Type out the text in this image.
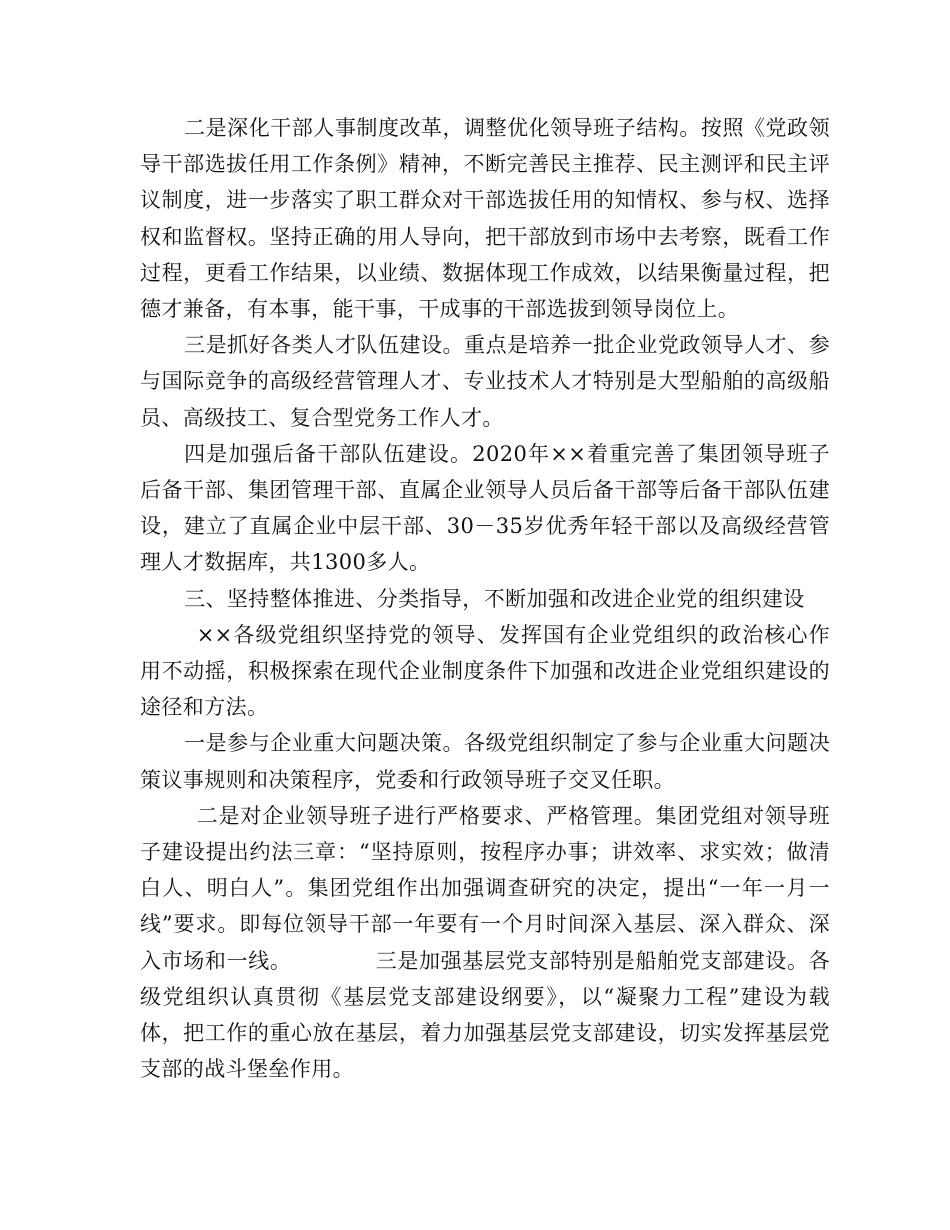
二是深化干部人事制度改革，调整优化领导班子结构。按照《党政领导干部选拔任用工作条例》精神，不断完善民主推荐、民主测评和民主评议制度，进一步落实了职工群众对干部选拔任用的知情权、参与权、选择权和监督权。坚持正确的用人导向，把干部放到市场中去考察，既看工作过程，更看工作结果，以业绩、数据体现工作成效，以结果衡量过程，把德才兼备，有本事，能干事，干成事的干部选拔到领导岗位上。

三是抓好各类人才队伍建设。重点是培养一批企业党政领导人才、参与国际竞争的高级经营管理人才、专业技术人才特别是大型船舶的高级船员、高级技工、复合型党务工作人才。

四是加强后备干部队伍建设。2020年××着重完善了集团领导班子后备干部、集团管理干部、直属企业领导人员后备干部等后备干部队伍建设，建立了直属企业中层干部、30－35岁优秀年轻干部以及高级经营管理人才数据库，共1300多人。

三、坚持整体推进、分类指导，不断加强和改进企业党的组织建设

××各级党组织坚持党的领导、发挥国有企业党组织的政治核心作用不动摇，积极探索在现代企业制度条件下加强和改进企业党组织建设的途径和方法。

一是参与企业重大问题决策。各级党组织制定了参与企业重大问题决策议事规则和决策程序，党委和行政领导班子交叉任职。

二是对企业领导班子进行严格要求、严格管理。集团党组对领导班子建设提出约法三章：“坚持原则，按程序办事；讲效率、求实效；做清白人、明白人”。集团党组作出加强调查研究的决定，提出“一年一月一线”要求。即每位领导干部一年要有一个月时间深入基层、深入群众、深入市场和一线。	三是加强基层党支部特别是船舶党支部建设。各级党组织认真贯彻《基层党支部建设纲要》，以“凝聚力工程”建设为载体，把工作的重心放在基层，着力加强基层党支部建设，切实发挥基层党支部的战斗堡垒作用。
